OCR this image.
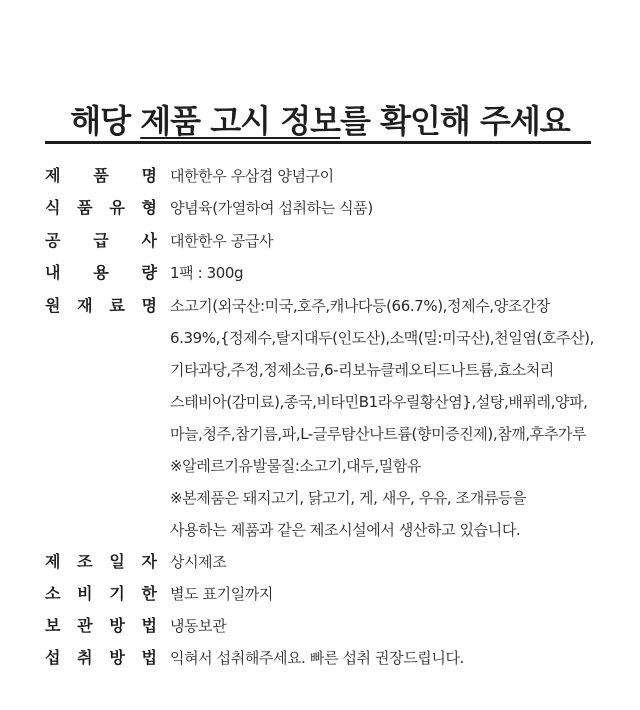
해당 제품 고시 정보를 확인해 주세요
제 품 명 대한한우 우삼겹 양념구이
식 품 유 형 양념육(가열하여 섭취하는 식품)
공 급 사 대한한우 공급사
내 용 량 1팩 : 300g
원 재 료 명 소고기(외국산:미국,호주,캐나다등(66.7%),정제수,양조간장
6.39%,{정제수,탈지대두(인도산),소맥(밀:미국산),천일염(호주산),
기타과당,주정,정제소금,6-리보뉴클레오티드나트륨,효소처리
스테비아(감미료),종국,비타민B1라우릴황산염},설탕,배퓌레,양파,
마늘,청주,참기름,파,L-글루탐산나트륨(향미증진제),참깨,후추가루
※알레르기유발물질:소고기,대두,밀함유
※본제품은 돼지고기, 닭고기, 게, 새우, 우유, 조개류등을
사용하는 제품과 같은 제조시설에서 생산하고 있습니다.
제 조 일 자 상시제조
소 비 기 한 별도 표기일까지
보 관 방 법 냉동보관
섭 취 방 법 익혀서 섭취해주세요. 빠른 섭취 권장드립니다.
